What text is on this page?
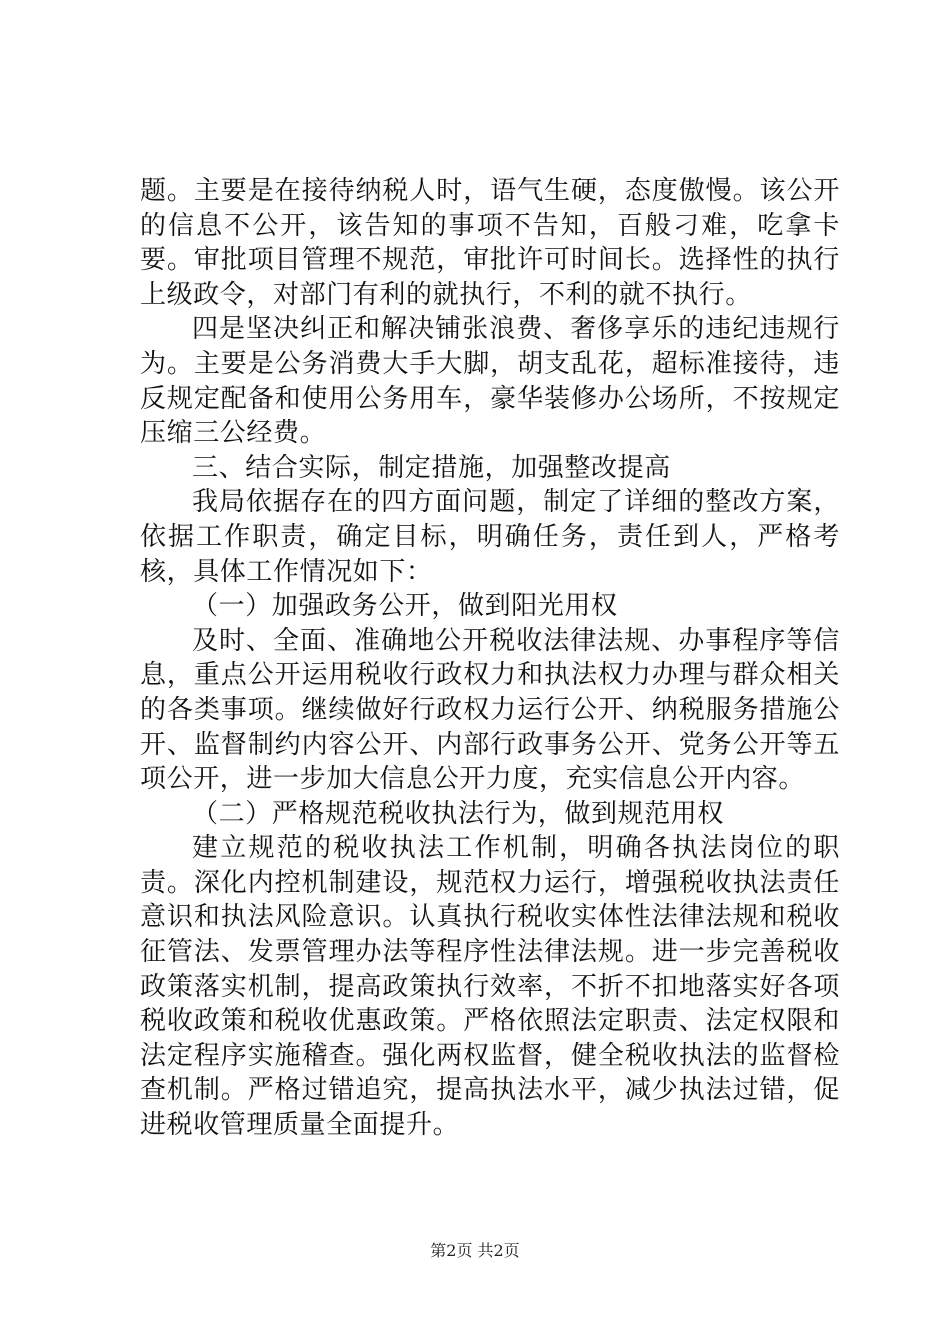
题。主要是在接待纳税人时，语气生硬，态度傲慢。该公开的信息不公开，该告知的事项不告知，百般刁难，吃拿卡要。审批项目管理不规范，审批许可时间长。选择性的执行上级政令，对部门有利的就执行，不利的就不执行。

四是坚决纠正和解决铺张浪费、奢侈享乐的违纪违规行为。主要是公务消费大手大脚，胡支乱花，超标准接待，违反规定配备和使用公务用车，豪华装修办公场所，不按规定压缩三公经费。

三、结合实际，制定措施，加强整改提高

我局依据存在的四方面问题，制定了详细的整改方案，依据工作职责，确定目标，明确任务，责任到人，严格考核，具体工作情况如下：

（一）加强政务公开，做到阳光用权

及时、全面、准确地公开税收法律法规、办事程序等信息，重点公开运用税收行政权力和执法权力办理与群众相关的各类事项。继续做好行政权力运行公开、纳税服务措施公开、监督制约内容公开、内部行政事务公开、党务公开等五项公开，进一步加大信息公开力度，充实信息公开内容。

（二）严格规范税收执法行为，做到规范用权

建立规范的税收执法工作机制，明确各执法岗位的职责。深化内控机制建设，规范权力运行，增强税收执法责任意识和执法风险意识。认真执行税收实体性法律法规和税收征管法、发票管理办法等程序性法律法规。进一步完善税收政策落实机制，提高政策执行效率，不折不扣地落实好各项税收政策和税收优惠政策。严格依照法定职责、法定权限和法定程序实施稽查。强化两权监督，健全税收执法的监督检查机制。严格过错追究，提高执法水平，减少执法过错，促进税收管理质量全面提升。

第2页 共2页
